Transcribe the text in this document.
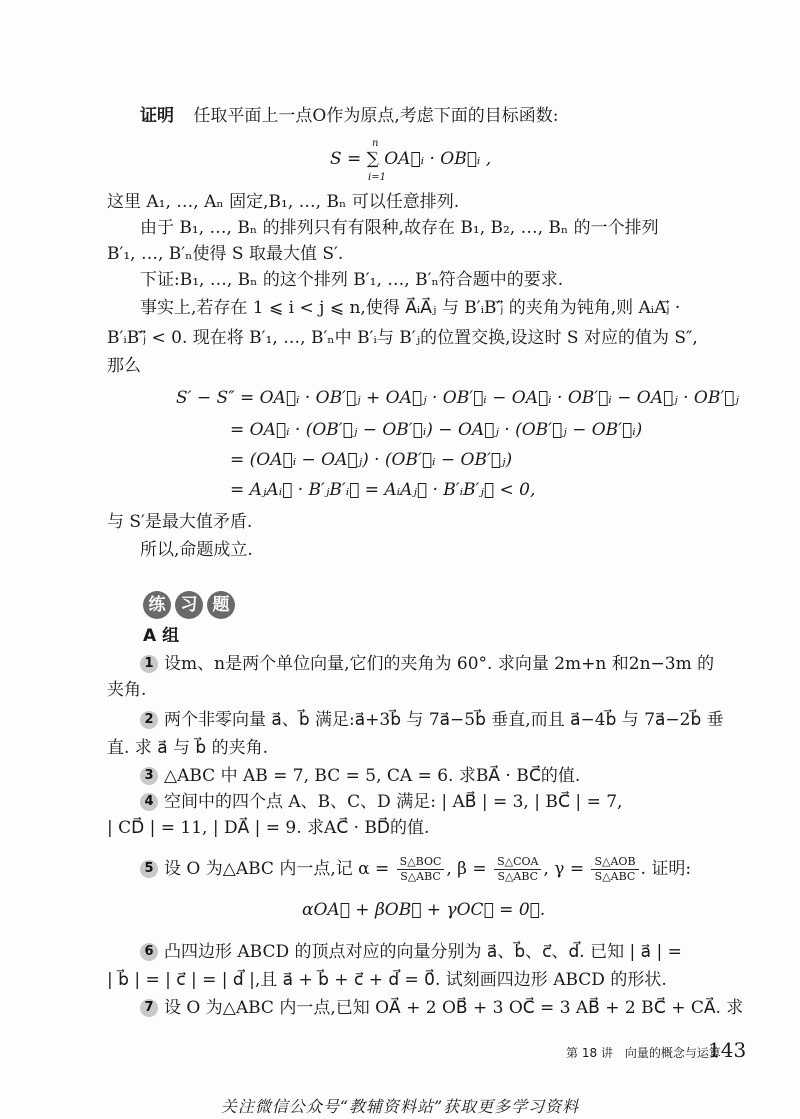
证明 任取平面上一点O作为原点,考虑下面的目标函数:
S = ∑ OA⃗ᵢ · OB⃗ᵢ ,
n
i=1
这里 A₁, …, Aₙ 固定,B₁, …, Bₙ 可以任意排列.
由于 B₁, …, Bₙ 的排列只有有限种,故存在 B₁, B₂, …, Bₙ 的一个排列
B′₁, …, B′ₙ使得 S 取最大值 S′.
下证:B₁, …, Bₙ 的这个排列 B′₁, …, B′ₙ符合题中的要求.
事实上,若存在 1 ⩽ i < j ⩽ n,使得 A⃗ᵢA⃗ⱼ 与 B′ᵢB′ⱼ⃗ 的夹角为钝角,则 AᵢAⱼ⃗ ·
B′ᵢB′ⱼ⃗ < 0. 现在将 B′₁, …, B′ₙ中 B′ᵢ与 B′ⱼ的位置交换,设这时 S 对应的值为 S″,
那么
S′ − S″ = OA⃗ᵢ · OB′⃗ⱼ + OA⃗ⱼ · OB′⃗ᵢ − OA⃗ᵢ · OB′⃗ᵢ − OA⃗ⱼ · OB′⃗ⱼ
= OA⃗ᵢ · (OB′⃗ⱼ − OB′⃗ᵢ) − OA⃗ⱼ · (OB′⃗ⱼ − OB′⃗ᵢ)
= (OA⃗ᵢ − OA⃗ⱼ) · (OB′⃗ᵢ − OB′⃗ⱼ)
= AⱼAᵢ⃗ · B′ⱼB′ᵢ⃗ = AᵢAⱼ⃗ · B′ᵢB′ⱼ⃗ < 0,
与 S′是最大值矛盾.
所以,命题成立.
练 习 题
A 组
1 设m、n是两个单位向量,它们的夹角为 60°. 求向量 2m+n 和2n−3m 的
夹角.
2 两个非零向量 a⃗、b⃗ 满足:a⃗+3b⃗ 与 7a⃗−5b⃗ 垂直,而且 a⃗−4b⃗ 与 7a⃗−2b⃗ 垂
直. 求 a⃗ 与 b⃗ 的夹角.
3 △ABC 中 AB = 7, BC = 5, CA = 6. 求BA⃗ · BC⃗的值.
4 空间中的四个点 A、B、C、D 满足: | AB⃗ | = 3, | BC⃗ | = 7,
| CD⃗ | = 11, | DA⃗ | = 9. 求AC⃗ · BD⃗的值.
5 设 O 为△ABC 内一点,记 $\alpha = \frac{\text{S△BOC}}{\text{S△ABC}}$ , $\beta = \frac{\text{S△COA}}{\text{S△ABC}}$ , $\gamma = \frac{\text{S△AOB}}{\text{S△ABC}}$ . 证明:
αOA⃗ + βOB⃗ + γOC⃗ = 0⃗.
6 凸四边形 ABCD 的顶点对应的向量分别为 a⃗、b⃗、c⃗、d⃗. 已知 | a⃗ | =
| b⃗ | = | c⃗ | = | d⃗ |,且 a⃗ + b⃗ + c⃗ + d⃗ = 0⃗. 试刻画四边形 ABCD 的形状.
7 设 O 为△ABC 内一点,已知 OA⃗ + 2 OB⃗ + 3 OC⃗ = 3 AB⃗ + 2 BC⃗ + CA⃗. 求
第 18 讲　向量的概念与运算
143
关注微信公众号“教辅资料站”获取更多学习资料
